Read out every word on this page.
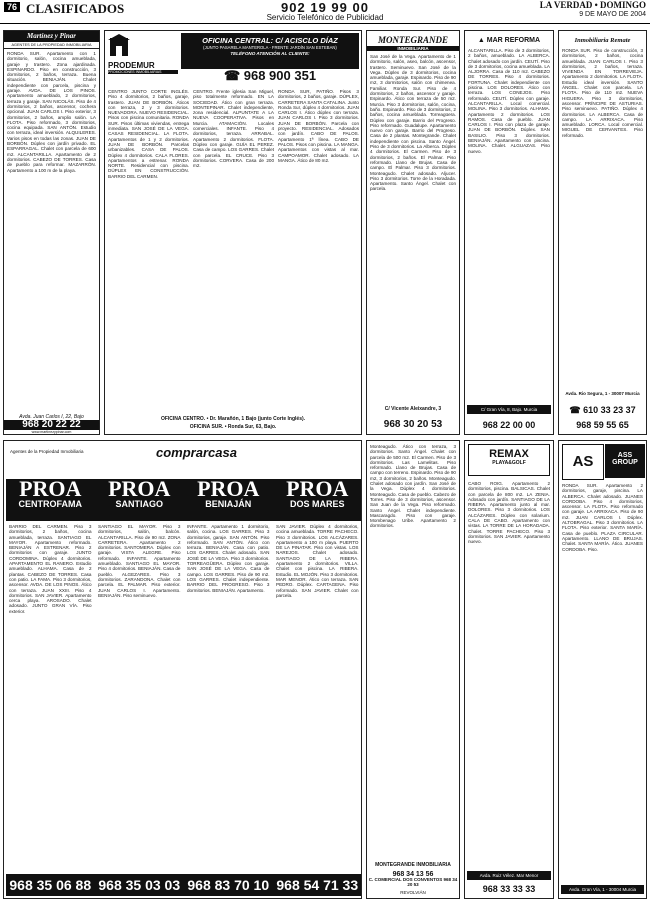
76 CLASIFICADOS	902 19 99 00
Servicio Telefónico de Publicidad
LA VERDAD • DOMINGO
9 DE MAYO DE 2004
Martínez y Pinar
AGENTES DE LA PROPIEDAD INMOBILIARIA
RONDA SUR. Apartamento con 1 dormitorio, salón, cocina amueblada, garaje y trastero. Zona ajardinada. ESPINARDO. Piso en construcción, 3 dormitorios, 2 baños, terraza. Buena situación. BENIAJÁN. Chalet independiente con parcela, piscina y garaje. AVDA. DE LOS PINOS. Apartamento amueblado, 2 dormitorios, terraza y garaje. SAN NICOLÁS. Piso de 4 dormitorios, 2 baños, ascensor, cochera opcional. JUAN CARLOS I. Piso exterior, 3 dormitorios, 2 baños, amplio salón. LA FLOTA. Piso reformado, 3 dormitorios, cocina equipada. SAN ANTÓN. Estudio con terraza, ideal inversión. ALQUILERES. Varios pisos en todas las zonas. JUAN DE BORBÓN. Dúplex con jardín privado. EL ESPARRAGAL. Chalet con parcela de 600 m2. ALCANTARILLA. Apartamento de 2 dormitorios. CABEZO DE TORRES. Casa de pueblo para reformar. MAZARRÓN. Apartamento a 100 m de la playa.
Avda. Juan Carlos I, 22, Bajo
968 20 22 22
www.martinezypinar.com
PRODEMUR
PROMOCIONES INMOBILIARIAS
OFICINA CENTRAL: C/ ACISCLO DÍAZ
(JUNTO PASARELA MANTEROLA - FRENTE JARDÍN SAN ESTEBAN)
TELÉFONO ATENCIÓN AL CLIENTE:
☎ 968 900 351
CENTRO JUNTO CORTE INGLÉS. Piso 4 dormitorios, 2 baños, garaje, trastero. JUAN DE BORBÓN. Áticos con terraza, 2 y 3 dormitorios. NUEVADORA. NUEVO RESIDENCIAL. Pisos con piscina comunitaria. RONDA SUR. Pisos últimas viviendas, entrega inmediata. SAN JOSÉ DE LA VEGA. CASAS RESIDENCIAL. LA FLOTA. Apartamentos de 1 y 2 dormitorios. JUAN DE BORBÓN. Parcelas urbanizables. CASA DE PALOS. Dúplex 4 dormitorios. CALA FLORES. Apartamentos a estrenar. RONDA NORTE. Residencial con piscina. DÚPLEX EN CONSTRUCCIÓN. BARRIO DEL CARMEN.
CENTRO. Frente iglesia San Miguel, piso totalmente reformado. EN LA SOCIEDAD. Ático con gran terraza. MONTEPINAR. Chalet independiente, zona residencial. ALPUNTATE A LA NUEVA COOPERATIVA. Pisos en Murcia. ATAMACIÓN. Locales comerciales. INFANTE. Piso 4 dormitorios, terraza. ARRABAL. Apartamento 2 dormitorios. FLOTA. Dúplex con garaje. GUÍA EL PEREZ. Casa de campo. LOS GARRES. Chalet con parcela. EL CRUCE. Piso 3 dormitorios. CORVERA. Casa de 200 m2.
RONDA SUR, PATIÑO. Pisos 3 dormitorios, 2 baños, garaje. DÚPLEX, CARRETERA SANTA CATALINA. Junto Ronda Sur, dúplex 4 dormitorios. JUAN CARLOS I. Ático dúplex con terraza. JUAN CARLOS I. Piso 3 dormitorios. JUAN DE BORBÓN. Parcela con proyecto. RESIDENCIAL. Adosados con jardín. CABO DE PALOS. Apartamento 1ª línea. CABO DE PALOS. Pisos con piscina. LA MANGA. Apartamentos con vistas al mar. CAMPOAMOR. Chalet adosado. LA MANGA. Ático de 80 m2.
OFICINA CENTRO. • Dr. Marañón, 1 Bajo (junto Corte Inglés).
OFICINA SUR. • Ronda Sur, 63, Bajo.
MONTEGRANDE
INMOBILIARIA
San José de la Vega. Apartamento de 1 dormitorio, salón, aseo, balcón, ascensor, trastero. Seminuevo. San José de la Vega. Dúplex de 3 dormitorios, cocina amueblada, garaje. Espinardo. Piso de 90 m2, 3 dormitorios, salón con chimenea. Familiar. Ronda Sur. Piso de 4 dormitorios, 2 baños, ascensor y garaje. Espinardo. Ático con terraza de 50 m2. Murcia. Piso 3 dormitorios, salón, cocina, baño. Espinardo. Piso de 3 dormitorios, 2 baños, cocina amueblada. Torreagüera. Dúplex con garaje. Barrio del Progreso. Piso reformado. Guadalupe. Apartamento nuevo con garaje. Barrio del Progreso. Casa de 2 plantas. Montegrande. Chalet independiente con piscina. Santo Ángel. Piso de 3 dormitorios. La Alberca. Dúplex 4 dormitorios. El Carmen. Piso de 3 dormitorios, 2 baños. El Palmar. Piso reformado. Llano de Brujas. Casa de campo. El Palmar. Piso 3 dormitorios. Monteagudo. Chalet adosado. Aljucer. Piso 3 dormitorios. Torre de la Horadada. Apartamento. Santo Ángel. Chalet con parcela.
C/ Vicente Aleixandre, 3
968 30 20 53
▲ MAR REFORMA
ALCANTARILLA. Piso de 3 dormitorios, 2 baños, amueblado. LA ALBERCA. Chalet adosado con jardín. CEUTÍ. Piso de 3 dormitorios, cocina amueblada. LA ALJORRA. Casa de 110 m2. CABEZO DE TORRES. Piso 4 dormitorios. FORTUNA. Chalet independiente con piscina. LOS DOLORES. Ático con terraza. LOS CONEJOS. Piso reformado. CEUTÍ. Dúplex con garaje. ALCANTARILLA. Local comercial. MOLINA. Piso 3 dormitorios. ALHAMA. Apartamento 2 dormitorios. LOS RAMOS. Casa de pueblo. JUAN CARLOS I. Piso con plaza de garaje. JUAN DE BORBÓN. Dúplex. SAN BASILIO. Piso 3 dormitorios. BENIAJÁN. Apartamento con piscina. MOLINA. Chalet. ALGUAZAS. Piso nuevo.
C/ Gran Vía, 8, Bajo. Murcia
968 22 00 00
Inmobiliaria Remate
RONDA SUR. Piso de construcción, 3 dormitorios, 2 baños, cocina amueblada. JUAN CARLOS I. Piso 3 dormitorios, 2 baños, terraza. VIVIENDA EN TORREVIEJA. Apartamento 2 dormitorios. LA FLOTA. Estudio ideal inversión. SANTO ÁNGEL. Chalet con parcela. LA FLOTA. Piso de 110 m2. NUEVA HIGUERA. Piso 3 dormitorios, ascensor. PRÍNCIPE DE ASTURIAS. Piso seminuevo. PATIÑO. Dúplex 4 dormitorios. LA ALBERCA. Casa de campo. LA ARRIXACA. Piso amueblado. LORCA. Local comercial. MIGUEL DE CERVANTES. Piso reformado.
Avda. Rio Segura, 1 - 30007 Murcia
☎ 610 33 23 37
968 59 55 65
Agentes de la Propiedad Inmobiliaria	comprarcasa
PROA
CENTROFAMA
BARRIO DEL CARMEN. Piso 3 dormitorios, 2 baños, cocina amueblada, terraza. SANTIAGO EL MAYOR. Apartamento reformado. BENIAJÁN A ESTRENAR. Piso 2 dormitorios con garaje. JUNTO CORDOMINA. Dúplex 4 dormitorios. APARTAMENTO EL RANERO. Estudio amueblado. ALHAMA. Casa de 2 plantas. CABEZO DE TORRES. Casa con patio. LA FAMA. Piso 3 dormitorios, ascensor. AVDA. DE LOS PINOS. Ático con terraza. JUAN XXIII. Piso 4 dormitorios. SAN JAVIER. Apartamento cerca playa. AROSADO. Chalet adosado. JUNTO GRAN VÍA. Piso exterior.
968 35 06 88
PROA
SANTIAGO
SANTIAGO EL MAYOR. Piso 3 dormitorios, salón, balcón. ALCANTARILLA. Piso de 90 m2. ZONA CARRETERA. Apartamento 2 dormitorios. SANTOMERA. Dúplex con garaje. VISTA ALEGRE. Piso reformado. INFANTE. Apartamento amueblado. SANTIAGO EL MAYOR. Piso 4 dormitorios. BENIAJÁN. Casa de pueblo. ALGEZARES. Piso 3 dormitorios. ZARANDONA. Chalet con parcela. EL PALMAR. Piso exterior. JUAN CARLOS I. Apartamento. BENIAJÁN. Piso seminuevo.
968 35 03 03
PROA
BENIAJÁN
INFANTE. Apartamento 1 dormitorio, salón, cocina. LOS GARRES. Piso 3 dormitorios, garaje. SAN ANTÓN. Piso reformado. SAN ANTÓN. Ático con terraza. BENIAJÁN. Casa con patio. LOS GARRES. Chalet adosado. SAN JOSÉ DE LA VEGA. Piso 3 dormitorios. TORREAGÜERA. Dúplex con garaje. SAN JOSÉ DE LA VEGA. Casa de campo. LOS GARRES. Piso de 90 m2. LOS GARRES. Chalet independiente. BARRIO DEL PROGRESO. Piso 3 dormitorios. BENIAJÁN. Apartamento.
968 83 70 10
PROA
DOS MARES
SAN JAVIER. Dúplex 4 dormitorios, cocina amueblada. TORRE PACHECO. Piso 3 dormitorios. LOS ALCÁZARES. Apartamento a 100 m playa. PUERTO DE LA PINATAR. Piso con vistas. LOS NAREJOS. Chalet adosado. SANTIAGO DE LA RIBERA. Apartamento 2 dormitorios. VILLA. Chalet con piscina. LA RIBERA. Estudio. EL MOJÓN. Piso 3 dormitorios. MAR MENOR. Ático con terraza. SAN PEDRO. Dúplex. CARTAGENA. Piso reformado. SAN JAVIER. Chalet con parcela.
968 54 71 33
Monteagudo. Ático con terraza, 3 dormitorios. Santo Ángel. Chalet con parcela de 500 m2. El Carmen. Piso de 3 dormitorios. Las Lamelitas. Piso reformado. Llano de Brujas. Casa de campo con terreno. Espinardo. Piso de 90 m2, 3 dormitorios, 2 baños. Monteagudo. Chalet adosado con jardín. San José de la Vega. Dúplex 4 dormitorios. Monteagudo. Casa de pueblo. Cabezo de Torres. Piso de 3 dormitorios, ascensor. San Juan de la Vega. Piso reformado. Santo Ángel. Chalet independiente. Mascaragdo. Piso con garaje. Mombenago Uribe. Apartamento 2 dormitorios.
MONTEGRANDE INMOBILIARIA
968 34 13 56
C. COMERCIAL DOS CONVENTOS 968 34 20 53
REVOLVIÁN
REMAX
PLAYA&GOLF
CABO ROIG. Apartamento 2 dormitorios, piscina. BALSICAS. Chalet con parcela de 800 m2. LA ZENIA. Adosado con jardín. SANTIAGO DE LA RIBERA. Apartamento junto al mar. DOLORES. Piso 3 dormitorios. LOS ALCÁZARES. Dúplex con solarium. CALA DE CABO. Apartamento con vistas. LA TORRE DE LA HORADADA. Chalet. TORRE PACHECO. Piso 3 dormitorios. SAN JAVIER. Apartamento nuevo.
Avda. Ruiz Vélez. Mar Menor
968 33 33 33
AS	ASS GROUP
RONDA SUR. Apartamento 2 dormitorios, garaje, piscina. LA ALBERCA. Chalet adosado. JUANES CORDOBA. Piso 4 dormitorios, ascensor. LA FLOTA. Piso reformado con garaje. LA ARRIXACA. Piso de 90 m2. JUAN CARLOS I. Dúplex. ALTOBRAGAL. Piso 3 dormitorios. LA FLOTA. Piso exterior. SANTA MARÍA. Casa de pueblo. PLAZA CIRCULAR. Apartamento. LLANO DE BRUJAS. Chalet. SANTA MARÍA. Ático. JUANES CORDOBA. Piso.
Avda. Gran Vía, 1 - 30004 Murcia
